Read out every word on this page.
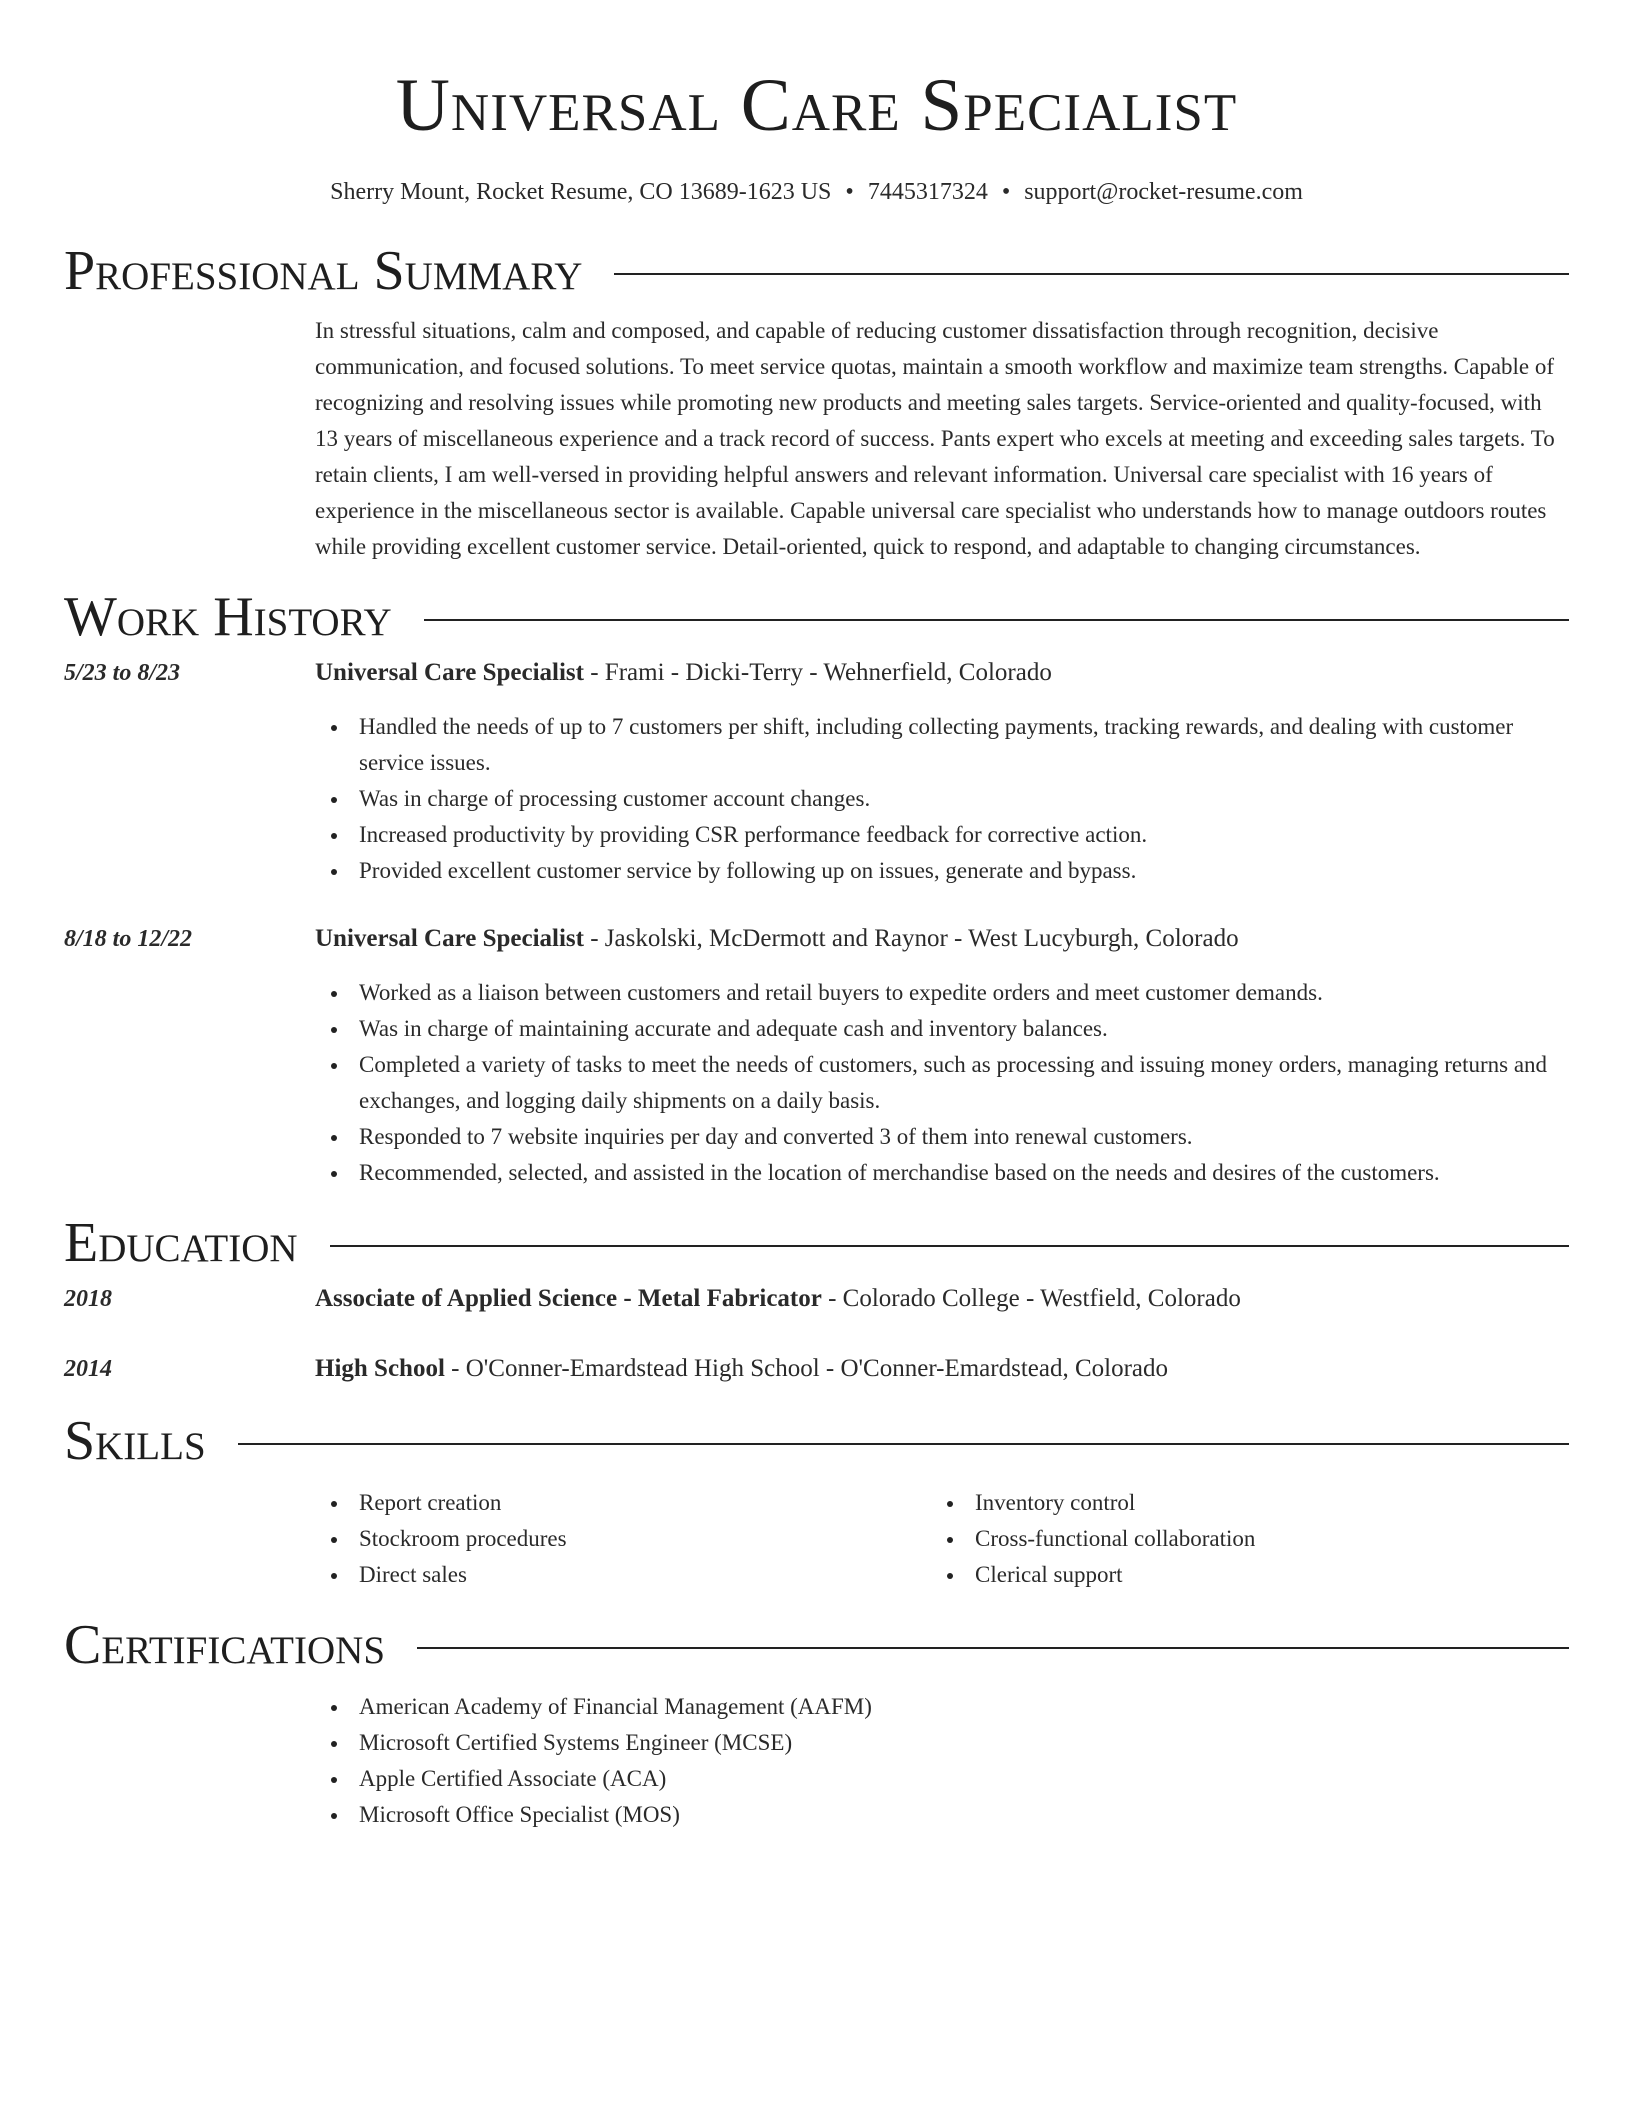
Universal Care Specialist
Sherry Mount, Rocket Resume, CO 13689-1623 US • 7445317324 • support@rocket-resume.com
Professional Summary
In stressful situations, calm and composed, and capable of reducing customer dissatisfaction through recognition, decisive communication, and focused solutions. To meet service quotas, maintain a smooth workflow and maximize team strengths. Capable of recognizing and resolving issues while promoting new products and meeting sales targets. Service-oriented and quality-focused, with 13 years of miscellaneous experience and a track record of success. Pants expert who excels at meeting and exceeding sales targets. To retain clients, I am well-versed in providing helpful answers and relevant information. Universal care specialist with 16 years of experience in the miscellaneous sector is available. Capable universal care specialist who understands how to manage outdoors routes while providing excellent customer service. Detail-oriented, quick to respond, and adaptable to changing circumstances.
Work History
5/23 to 8/23	Universal Care Specialist - Frami - Dicki-Terry - Wehnerfield, Colorado
Handled the needs of up to 7 customers per shift, including collecting payments, tracking rewards, and dealing with customer service issues.
Was in charge of processing customer account changes.
Increased productivity by providing CSR performance feedback for corrective action.
Provided excellent customer service by following up on issues, generate and bypass.
8/18 to 12/22	Universal Care Specialist - Jaskolski, McDermott and Raynor - West Lucyburgh, Colorado
Worked as a liaison between customers and retail buyers to expedite orders and meet customer demands.
Was in charge of maintaining accurate and adequate cash and inventory balances.
Completed a variety of tasks to meet the needs of customers, such as processing and issuing money orders, managing returns and exchanges, and logging daily shipments on a daily basis.
Responded to 7 website inquiries per day and converted 3 of them into renewal customers.
Recommended, selected, and assisted in the location of merchandise based on the needs and desires of the customers.
Education
2018	Associate of Applied Science - Metal Fabricator - Colorado College - Westfield, Colorado
2014	High School - O'Conner-Emardstead High School - O'Conner-Emardstead, Colorado
Skills
Report creation
Stockroom procedures
Direct sales
Inventory control
Cross-functional collaboration
Clerical support
Certifications
American Academy of Financial Management (AAFM)
Microsoft Certified Systems Engineer (MCSE)
Apple Certified Associate (ACA)
Microsoft Office Specialist (MOS)
